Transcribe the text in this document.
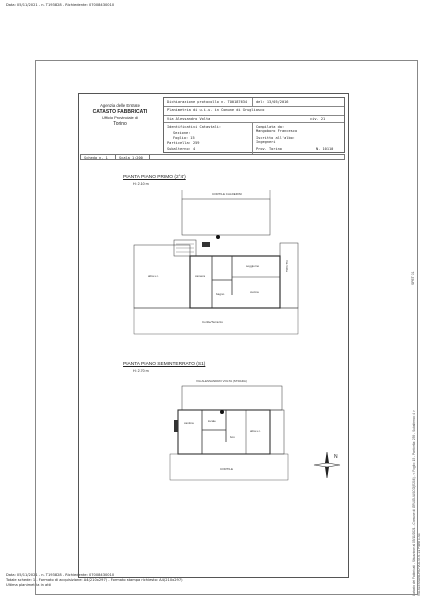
Data: 05/11/2021 - n. T193828 - Richiedente: 07008430010
Data: 05/11/2021 - n. T193828 - Richiedente: 07008430010
Totale schede: 1 - Formato di acquisizione: A4(210x297) - Formato stampa richiesto: A4(210x297)
Ultima planimetria in atti	Catasto dei Fabbricati - Situazione al 05/11/2021 - Comune di GRUGLIASCO(E216) - < Foglio: 15 - Particella: 259 - Subalterno: 4 > VIA ALESSANDRO VOLTA n. 21 Piano 1-S1
SPET 01
Agenzia delle Entrate
CATASTO FABBRICATI
Ufficio Provinciale di
Torino
Dichiarazione protocollo n. TO0187634 del: 13/05/2016
Planimetria di u.i.u. in Comune di Grugliasco
Via Alessandro Volta	civ. 21
Identificativi Catastali:
Sezione:
Foglio: 15
Particella: 259
Subalterno: 4
Compilata da:
Mangoboro Francesco
Iscritto all'albo:
Ingegneri
Prov. Torino	N. 10110
Scheda n. 1	Scala 1:200
PIANTA PIANO PRIMO (2°4')
H: 2.10 m
CORTILE CALDERINI
camera
bagno
soggiorno
cucina
altra u.i.
Cortile/Terrazzo
Via Volta
PIANTA PIANO SEMINTERRATO (S1)
H: 2.70 m
VIA ALESSANDRO VOLTA (STRADA)
cantina	locale
box
altra u.i.
CORTILE
N
